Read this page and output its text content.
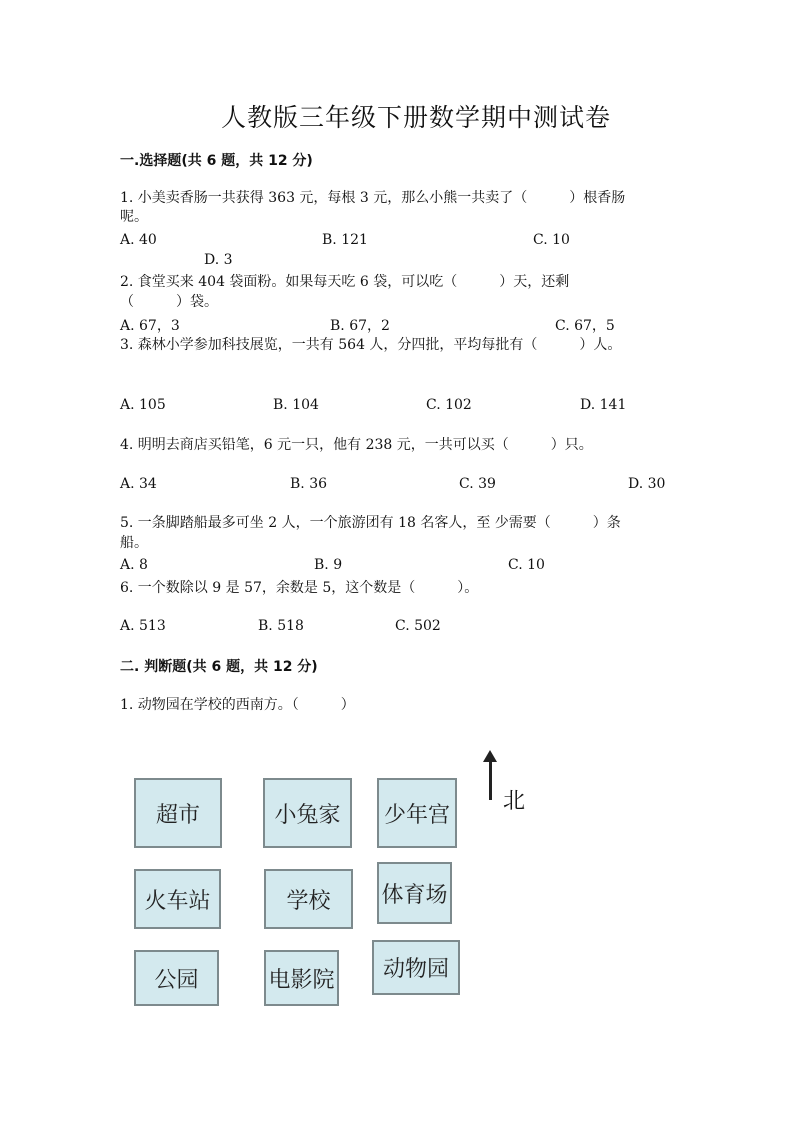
人教版三年级下册数学期中测试卷
一.选择题(共 6 题，共 12 分)
1. 小美卖香肠一共获得 363 元，每根 3 元，那么小熊一共卖了（　　　）根香肠
呢。
A. 40	B. 121	C. 10
D. 3
2. 食堂买来 404 袋面粉。如果每天吃 6 袋，可以吃（　　　）天，还剩
（　　　）袋。
A. 67，3	B. 67，2	C. 67，5
3. 森林小学参加科技展览，一共有 564 人，分四批，平均每批有（　　　）人。
A. 105	B. 104	C. 102	D. 141
4. 明明去商店买铅笔，6 元一只，他有 238 元，一共可以买（　　　）只。
A. 34	B. 36	C. 39	D. 30
5. 一条脚踏船最多可坐 2 人，一个旅游团有 18 名客人，至 少需要（　　　）条
船。
A. 8	B. 9	C. 10
6. 一个数除以 9 是 57，余数是 5，这个数是（　　　）。
A. 513	B. 518	C. 502
二. 判断题(共 6 题，共 12 分)
1. 动物园在学校的西南方。（　　　）
超市	小兔家	少年宫
火车站	学校	体育场
公园	电影院	动物园
北
